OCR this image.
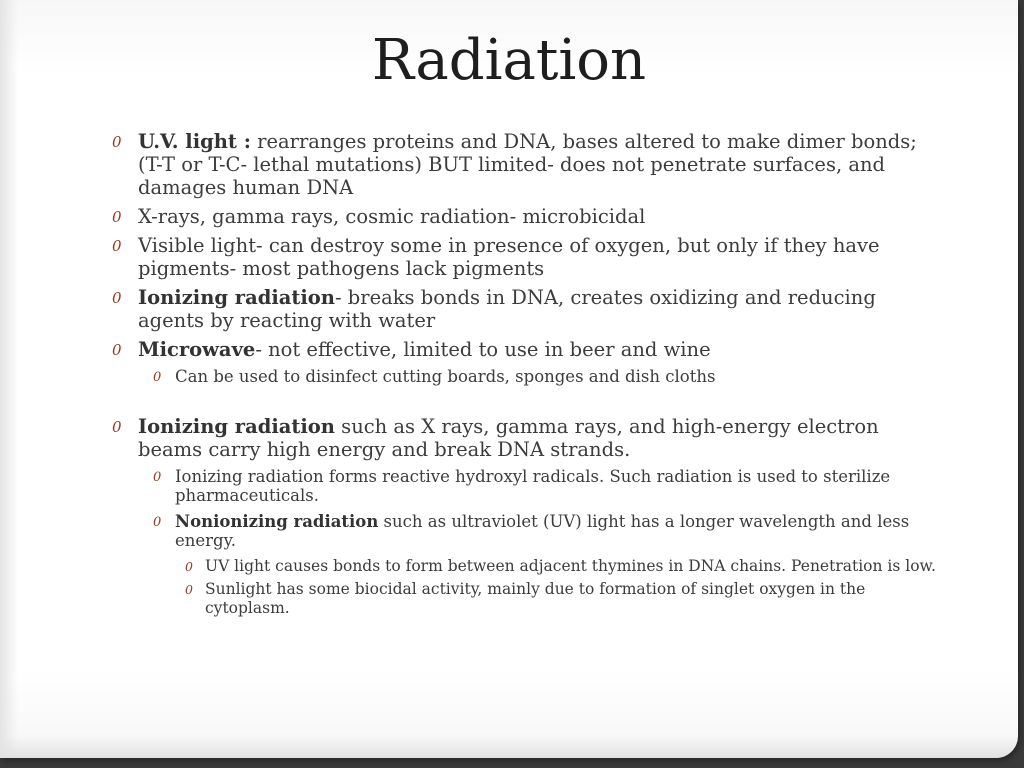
Radiation
0 U.V. light : rearranges proteins and DNA, bases altered to make dimer bonds; (T-T or T-C- lethal mutations) BUT limited- does not penetrate surfaces, and damages human DNA
0 X-rays, gamma rays, cosmic radiation- microbicidal
0 Visible light- can destroy some in presence of oxygen, but only if they have pigments- most pathogens lack pigments
0 Ionizing radiation- breaks bonds in DNA, creates oxidizing and reducing agents by reacting with water
0 Microwave- not effective, limited to use in beer and wine
0 Can be used to disinfect cutting boards, sponges and dish cloths
0 Ionizing radiation such as X rays, gamma rays, and high-energy electron beams carry high energy and break DNA strands.
0 Ionizing radiation forms reactive hydroxyl radicals. Such radiation is used to sterilize pharmaceuticals.
0 Nonionizing radiation such as ultraviolet (UV) light has a longer wavelength and less energy.
0 UV light causes bonds to form between adjacent thymines in DNA chains. Penetration is low.
0 Sunlight has some biocidal activity, mainly due to formation of singlet oxygen in the cytoplasm.
